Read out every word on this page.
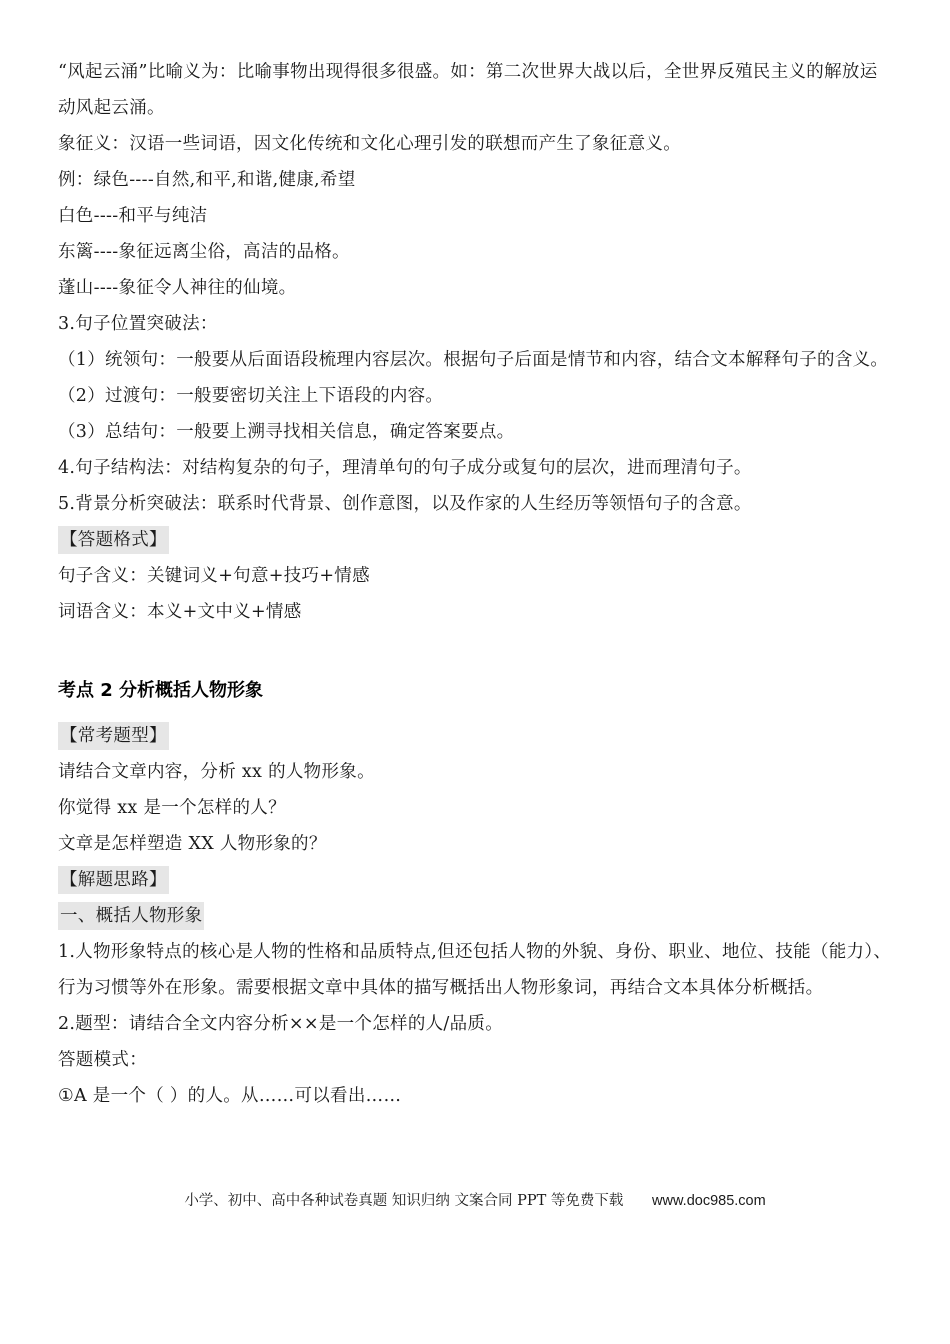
“风起云涌”比喻义为：比喻事物出现得很多很盛。如：第二次世界大战以后，全世界反殖民主义的解放运动风起云涌。

象征义：汉语一些词语，因文化传统和文化心理引发的联想而产生了象征意义。

例：绿色----自然,和平,和谐,健康,希望

白色----和平与纯洁

东篱----象征远离尘俗，高洁的品格。

蓬山----象征令人神往的仙境。

3.句子位置突破法：

（1）统领句：一般要从后面语段梳理内容层次。根据句子后面是情节和内容，结合文本解释句子的含义。

（2）过渡句：一般要密切关注上下语段的内容。

（3）总结句：一般要上溯寻找相关信息，确定答案要点。

4.句子结构法：对结构复杂的句子，理清单句的句子成分或复句的层次，进而理清句子。

5.背景分析突破法：联系时代背景、创作意图，以及作家的人生经历等领悟句子的含意。

【答题格式】

句子含义：关键词义+句意+技巧+情感

词语含义：本义+文中义+情感

考点 2 分析概括人物形象

【常考题型】

请结合文章内容，分析 xx 的人物形象。

你觉得 xx 是一个怎样的人？

文章是怎样塑造 XX 人物形象的？

【解题思路】

一、概括人物形象

1.人物形象特点的核心是人物的性格和品质特点,但还包括人物的外貌、身份、职业、地位、技能（能力）、行为习惯等外在形象。需要根据文章中具体的描写概括出人物形象词，再结合文本具体分析概括。

2.题型：请结合全文内容分析××是一个怎样的人/品质。

答题模式：

①A 是一个（ ）的人。从……可以看出……

小学、初中、高中各种试卷真题 知识归纳 文案合同 PPT 等免费下载 www.doc985.com
